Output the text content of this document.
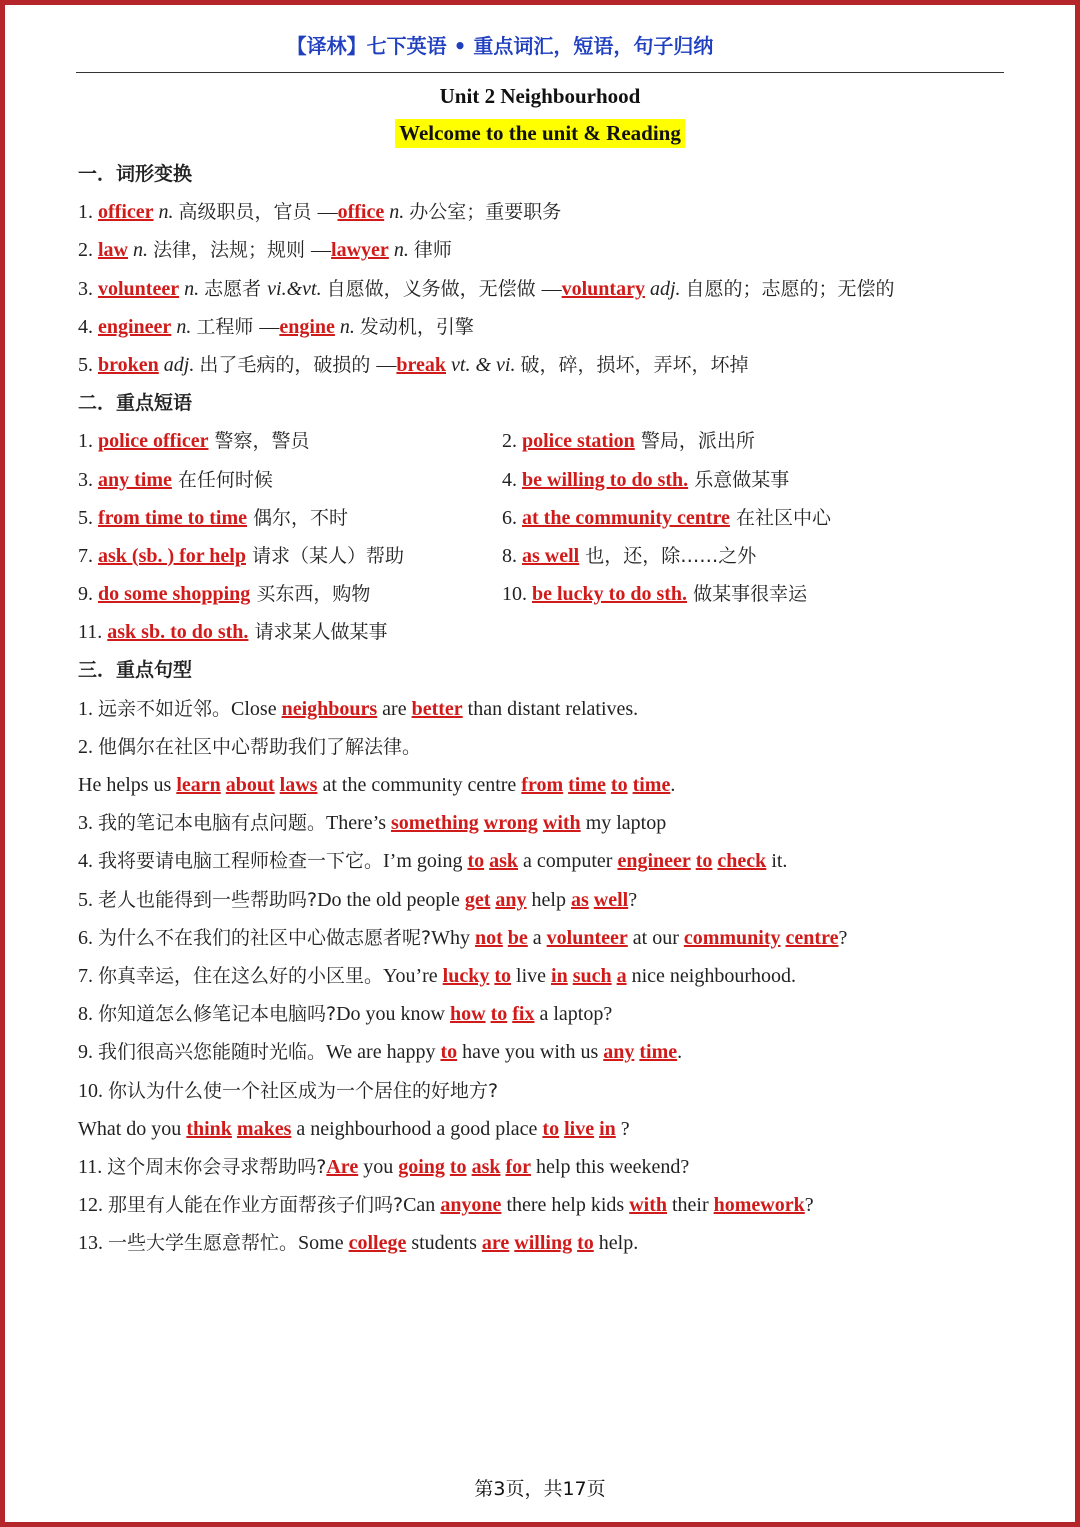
【译林】七下英语 • 重点词汇，短语，句子归纳
Unit 2 Neighbourhood
Welcome to the unit & Reading
一．词形变换
1. officer n. 高级职员，官员 —office n. 办公室；重要职务
2. law n. 法律，法规；规则 —lawyer n. 律师
3. volunteer n. 志愿者 vi.&vt. 自愿做，义务做，无偿做 —voluntary adj. 自愿的；志愿的；无偿的
4. engineer n. 工程师 —engine n. 发动机，引擎
5. broken adj. 出了毛病的，破损的 —break vt. & vi. 破，碎，损坏，弄坏，坏掉
二．重点短语
1. police officer 警察，警员	2. police station 警局，派出所
3. any time 在任何时候	4. be willing to do sth. 乐意做某事
5. from time to time 偶尔，不时	6. at the community centre 在社区中心
7. ask (sb. ) for help 请求（某人）帮助	8. as well 也，还，除……之外
9. do some shopping 买东西，购物	10. be lucky to do sth. 做某事很幸运
11. ask sb. to do sth. 请求某人做某事
三．重点句型
1. 远亲不如近邻。Close neighbours are better than distant relatives.
2. 他偶尔在社区中心帮助我们了解法律。
He helps us learn about laws at the community centre from time to time.
3. 我的笔记本电脑有点问题。There’s something wrong with my laptop
4. 我将要请电脑工程师检查一下它。I’m going to ask a computer engineer to check it.
5. 老人也能得到一些帮助吗?Do the old people get any help as well?
6. 为什么不在我们的社区中心做志愿者呢?Why not be a volunteer at our community centre?
7. 你真幸运，住在这么好的小区里。You’re lucky to live in such a nice neighbourhood.
8. 你知道怎么修笔记本电脑吗?Do you know how to fix a laptop?
9. 我们很高兴您能随时光临。We are happy to have you with us any time.
10. 你认为什么使一个社区成为一个居住的好地方?
What do you think makes a neighbourhood a good place to live in ?
11. 这个周末你会寻求帮助吗?Are you going to ask for help this weekend?
12. 那里有人能在作业方面帮孩子们吗?Can anyone there help kids with their homework?
13. 一些大学生愿意帮忙。Some college students are willing to help.
第3页，共17页
